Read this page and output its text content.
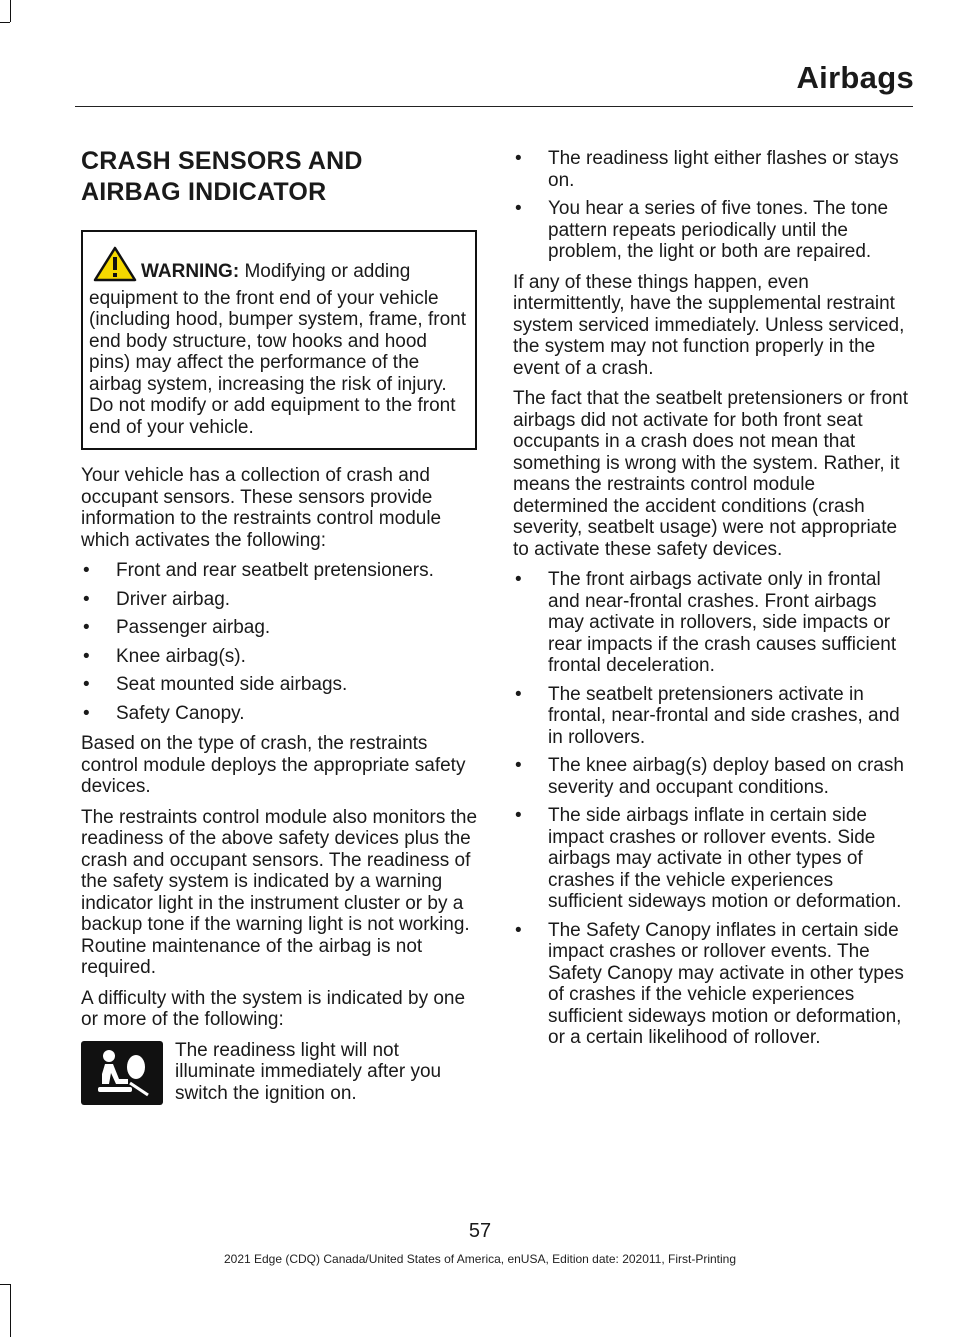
Airbags
CRASH SENSORS AND
AIRBAG INDICATOR
WARNING: Modifying or adding equipment to the front end of your vehicle (including hood, bumper system, frame, front end body structure, tow hooks and hood pins) may affect the performance of the airbag system, increasing the risk of injury. Do not modify or add equipment to the front end of your vehicle.

Your vehicle has a collection of crash and occupant sensors. These sensors provide information to the restraints control module which activates the following:

• Front and rear seatbelt pretensioners.
• Driver airbag.
• Passenger airbag.
• Knee airbag(s).
• Seat mounted side airbags.
• Safety Canopy.

Based on the type of crash, the restraints control module deploys the appropriate safety devices.

The restraints control module also monitors the readiness of the above safety devices plus the crash and occupant sensors. The readiness of the safety system is indicated by a warning indicator light in the instrument cluster or by a backup tone if the warning light is not working. Routine maintenance of the airbag is not required.

A difficulty with the system is indicated by one or more of the following:

The readiness light will not illuminate immediately after you switch the ignition on.
• The readiness light either flashes or stays on.
• You hear a series of five tones. The tone pattern repeats periodically until the problem, the light or both are repaired.

If any of these things happen, even intermittently, have the supplemental restraint system serviced immediately. Unless serviced, the system may not function properly in the event of a crash.

The fact that the seatbelt pretensioners or front airbags did not activate for both front seat occupants in a crash does not mean that something is wrong with the system. Rather, it means the restraints control module determined the accident conditions (crash severity, seatbelt usage) were not appropriate to activate these safety devices.

• The front airbags activate only in frontal and near-frontal crashes. Front airbags may activate in rollovers, side impacts or rear impacts if the crash causes sufficient frontal deceleration.
• The seatbelt pretensioners activate in frontal, near-frontal and side crashes, and in rollovers.
• The knee airbag(s) deploy based on crash severity and occupant conditions.
• The side airbags inflate in certain side impact crashes or rollover events. Side airbags may activate in other types of crashes if the vehicle experiences sufficient sideways motion or deformation.
• The Safety Canopy inflates in certain side impact crashes or rollover events. The Safety Canopy may activate in other types of crashes if the vehicle experiences sufficient sideways motion or deformation, or a certain likelihood of rollover.
57
2021 Edge (CDQ) Canada/United States of America, enUSA, Edition date: 202011, First-Printing
